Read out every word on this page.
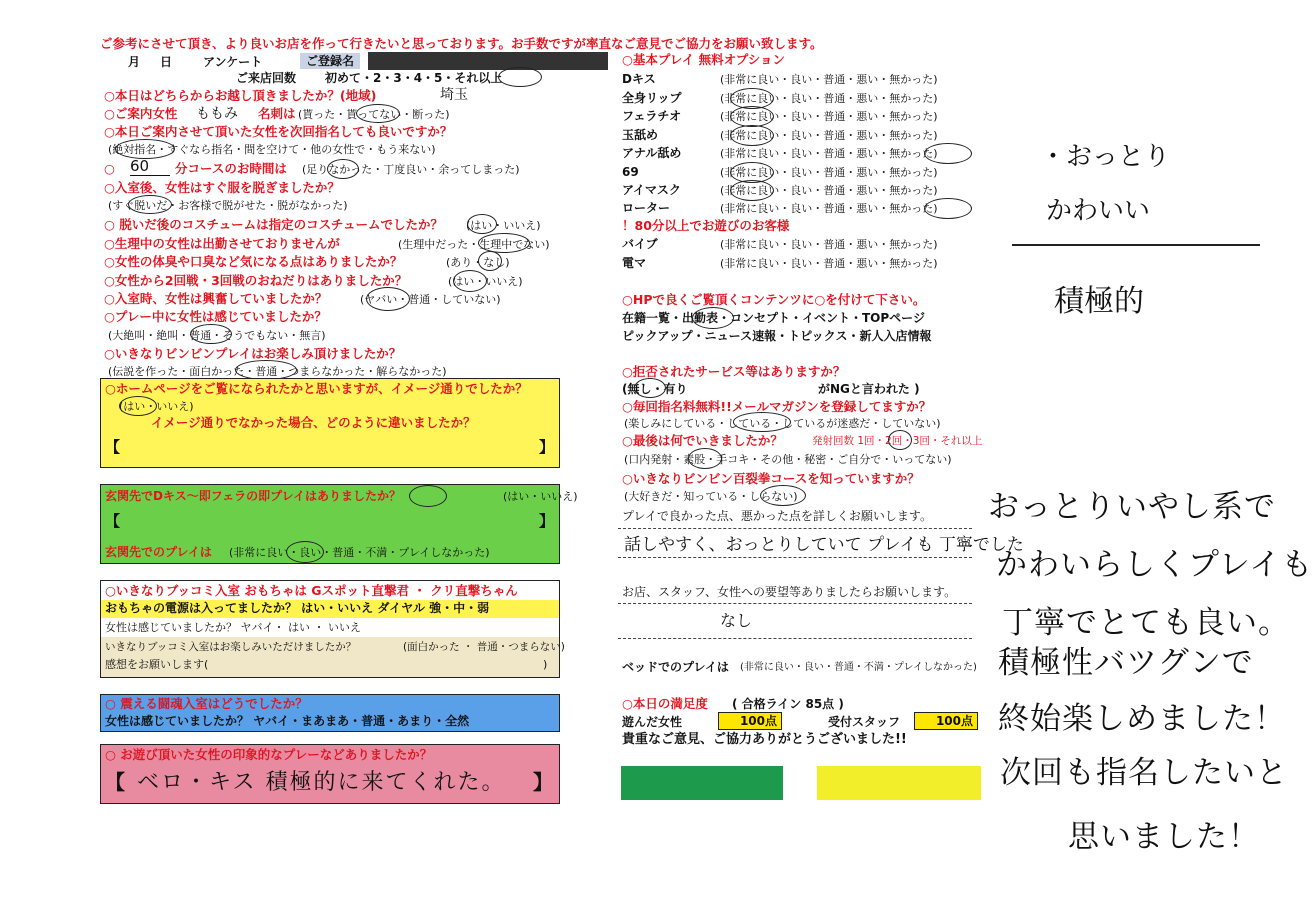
ご参考にさせて頂き、より良いお店を作って行きたいと思っております。お手数ですが率直なご意見でご協力をお願い致します。
月 日	アンケート	ご登録名
ご来店回数 初めて・2・3・4・5・それ以上
○本日はどちらからお越し頂きましたか？(地域)	埼玉
○ご案内女性 ももみ 名刺は (貰った・貰ってない・断った)
○本日ご案内させて頂いた女性を次回指名しても良いですか？
(絶対指名・すぐなら指名・間を空けて・他の女性で・もう来ない)
○ 60	分コースのお時間は (足りなかった・丁度良い・余ってしまった)
○入室後、女性はすぐ服を脱ぎましたか？
(すぐ脱いだ・お客様で脱がせた・脱がなかった)
○ 脱いだ後のコスチュームは指定のコスチュームでしたか？ (はい・いいえ)
○生理中の女性は出勤させておりませんが	(生理中だった・生理中でない)
○女性の体臭や口臭など気になる点はありましたか？	(あり・なし)
○女性から2回戦・3回戦のおねだりはありましたか？	(はい・いいえ)
○入室時、女性は興奮していましたか？	(ヤバい・普通・していない)
○プレー中に女性は感じていましたか？
(大絶叫・絶叫・普通・そうでもない・無言)
○いきなりビンビンプレイはお楽しみ頂けましたか？
(伝説を作った・面白かった・普通・つまらなかった・解らなかった)
○ホームページをご覧になられたかと思いますが、イメージ通りでしたか？
(はい・いいえ)
イメージ通りでなかった場合、どのように違いましたか？
【	】
玄関先でDキス〜即フェラの即プレイはありましたか？	(はい・いいえ)
【	】
玄関先でのプレイは (非常に良い・良い・普通・不満・プレイしなかった)
○いきなりブッコミ入室 おもちゃは Gスポット直撃君 ・ クリ直撃ちゃん
おもちゃの電源は入ってましたか？ はい・いいえ ダイヤル 強・中・弱
女性は感じていましたか？ ヤバイ・ はい ・ いいえ
いきなりブッコミ入室はお楽しみいただけましたか？	(面白かった ・ 普通・つまらない)
感想をお願いします(	)
○ 震える闘魂入室はどうでしたか？
女性は感じていましたか？ ヤバイ・まあまあ・普通・あまり・全然
○ お遊び頂いた女性の印象的なプレーなどありましたか？
【 ベロ・キス 積極的に来てくれた。 】
○基本プレイ 無料オプション
Dキス	(非常に良い・良い・普通・悪い・無かった)
全身リップ	(非常に良い・良い・普通・悪い・無かった)
フェラチオ	(非常に良い・良い・普通・悪い・無かった)
玉舐め	(非常に良い・良い・普通・悪い・無かった)
アナル舐め	(非常に良い・良い・普通・悪い・無かった)
69	(非常に良い・良い・普通・悪い・無かった)
アイマスク	(非常に良い・良い・普通・悪い・無かった)
ローター	(非常に良い・良い・普通・悪い・無かった)
！80分以上でお遊びのお客様
バイブ	(非常に良い・良い・普通・悪い・無かった)
電マ	(非常に良い・良い・普通・悪い・無かった)
○HPで良くご覧頂くコンテンツに○を付けて下さい。
在籍一覧・出勤表・コンセプト・イベント・TOPページ
ピックアップ・ニュース速報・トピックス・新人入店情報
○拒否されたサービス等はありますか？
(無し・有り	がNGと言われた )
○毎回指名料無料!!メールマガジンを登録してますか？
(楽しみにしている・している・しているが迷惑だ・していない)
○最後は何でいきましたか？	発射回数 1回・2回・3回・それ以上
(口内発射・素股・手コキ・その他・秘密・ご自分で・いってない)
○いきなりビンビン百裂拳コースを知っていますか？
(大好きだ・知っている・しらない)
プレイで良かった点、悪かった点を詳しくお願いします。
話しやすく、おっとりしていて プレイも 丁寧でした
お店、スタッフ、女性への要望等ありましたらお願いします。
なし
ベッドでのプレイは (非常に良い・良い・普通・不満・プレイしなかった)
○本日の満足度 ( 合格ライン 85点 )
遊んだ女性	100点	受付スタッフ	100点
貴重なご意見、ご協力ありがとうございました!!
・おっとり
かわいい
積極的
おっとりいやし系で
かわいらしくプレイも
丁寧でとても良い。
積極性バツグンで
終始楽しめました！
次回も指名したいと
思いました！
